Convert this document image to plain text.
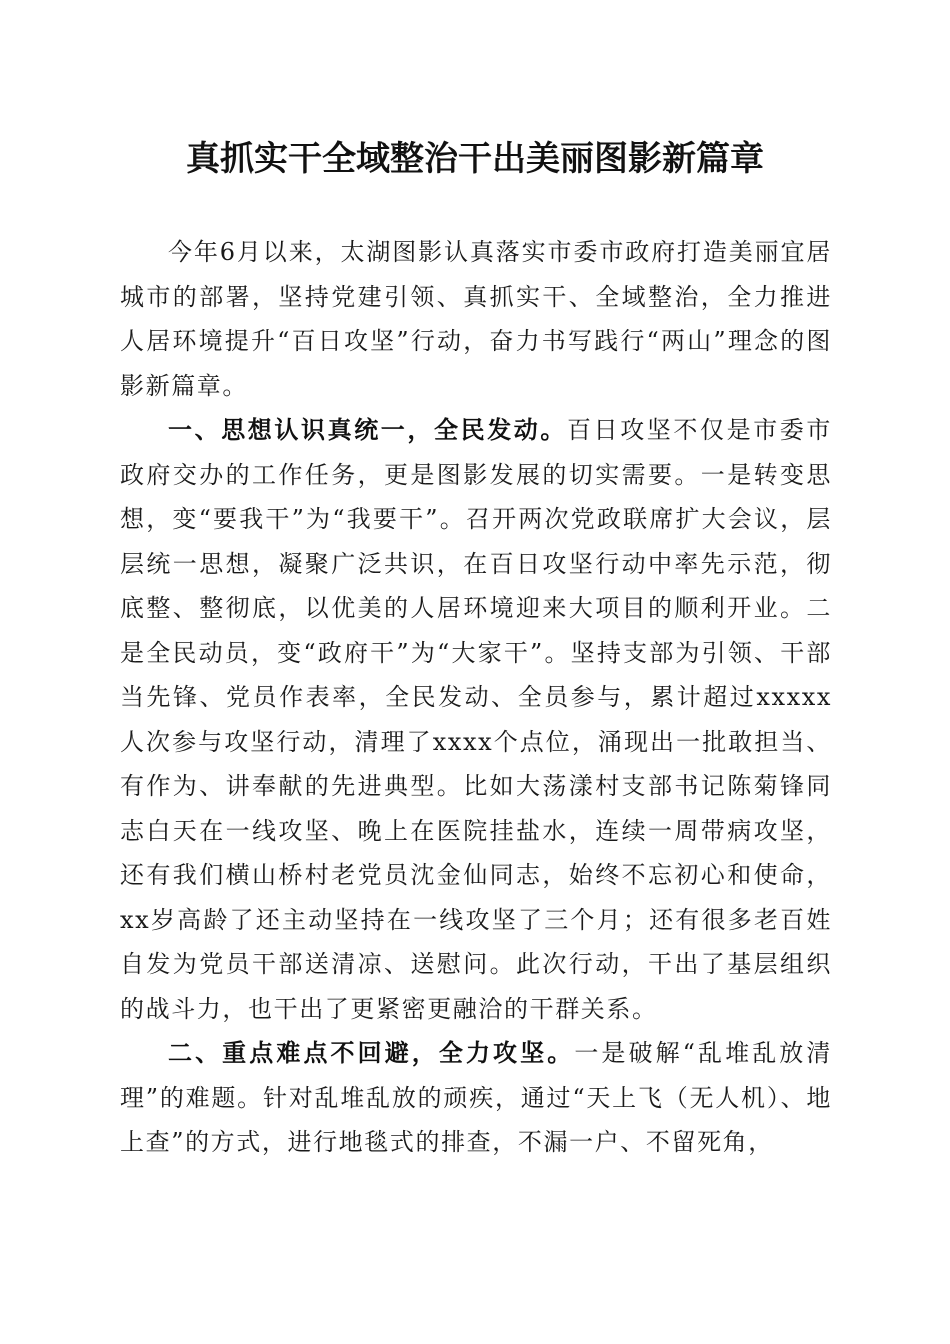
真抓实干全域整治干出美丽图影新篇章

今年6月以来，太湖图影认真落实市委市政府打造美丽宜居城市的部署，坚持党建引领、真抓实干、全域整治，全力推进人居环境提升“百日攻坚”行动，奋力书写践行“两山”理念的图影新篇章。

一、思想认识真统一，全民发动。百日攻坚不仅是市委市政府交办的工作任务，更是图影发展的切实需要。一是转变思想，变“要我干”为“我要干”。召开两次党政联席扩大会议，层层统一思想，凝聚广泛共识，在百日攻坚行动中率先示范，彻底整、整彻底，以优美的人居环境迎来大项目的顺利开业。二是全民动员，变“政府干”为“大家干”。坚持支部为引领、干部当先锋、党员作表率，全民发动、全员参与，累计超过xxxxx人次参与攻坚行动，清理了xxxx个点位，涌现出一批敢担当、有作为、讲奉献的先进典型。比如大荡漾村支部书记陈菊锋同志白天在一线攻坚、晚上在医院挂盐水，连续一周带病攻坚，还有我们横山桥村老党员沈金仙同志，始终不忘初心和使命，xx岁高龄了还主动坚持在一线攻坚了三个月；还有很多老百姓自发为党员干部送清凉、送慰问。此次行动，干出了基层组织的战斗力，也干出了更紧密更融洽的干群关系。

二、重点难点不回避，全力攻坚。一是破解“乱堆乱放清理”的难题。针对乱堆乱放的顽疾，通过“天上飞（无人机）、地上查”的方式，进行地毯式的排查，不漏一户、不留死角，
